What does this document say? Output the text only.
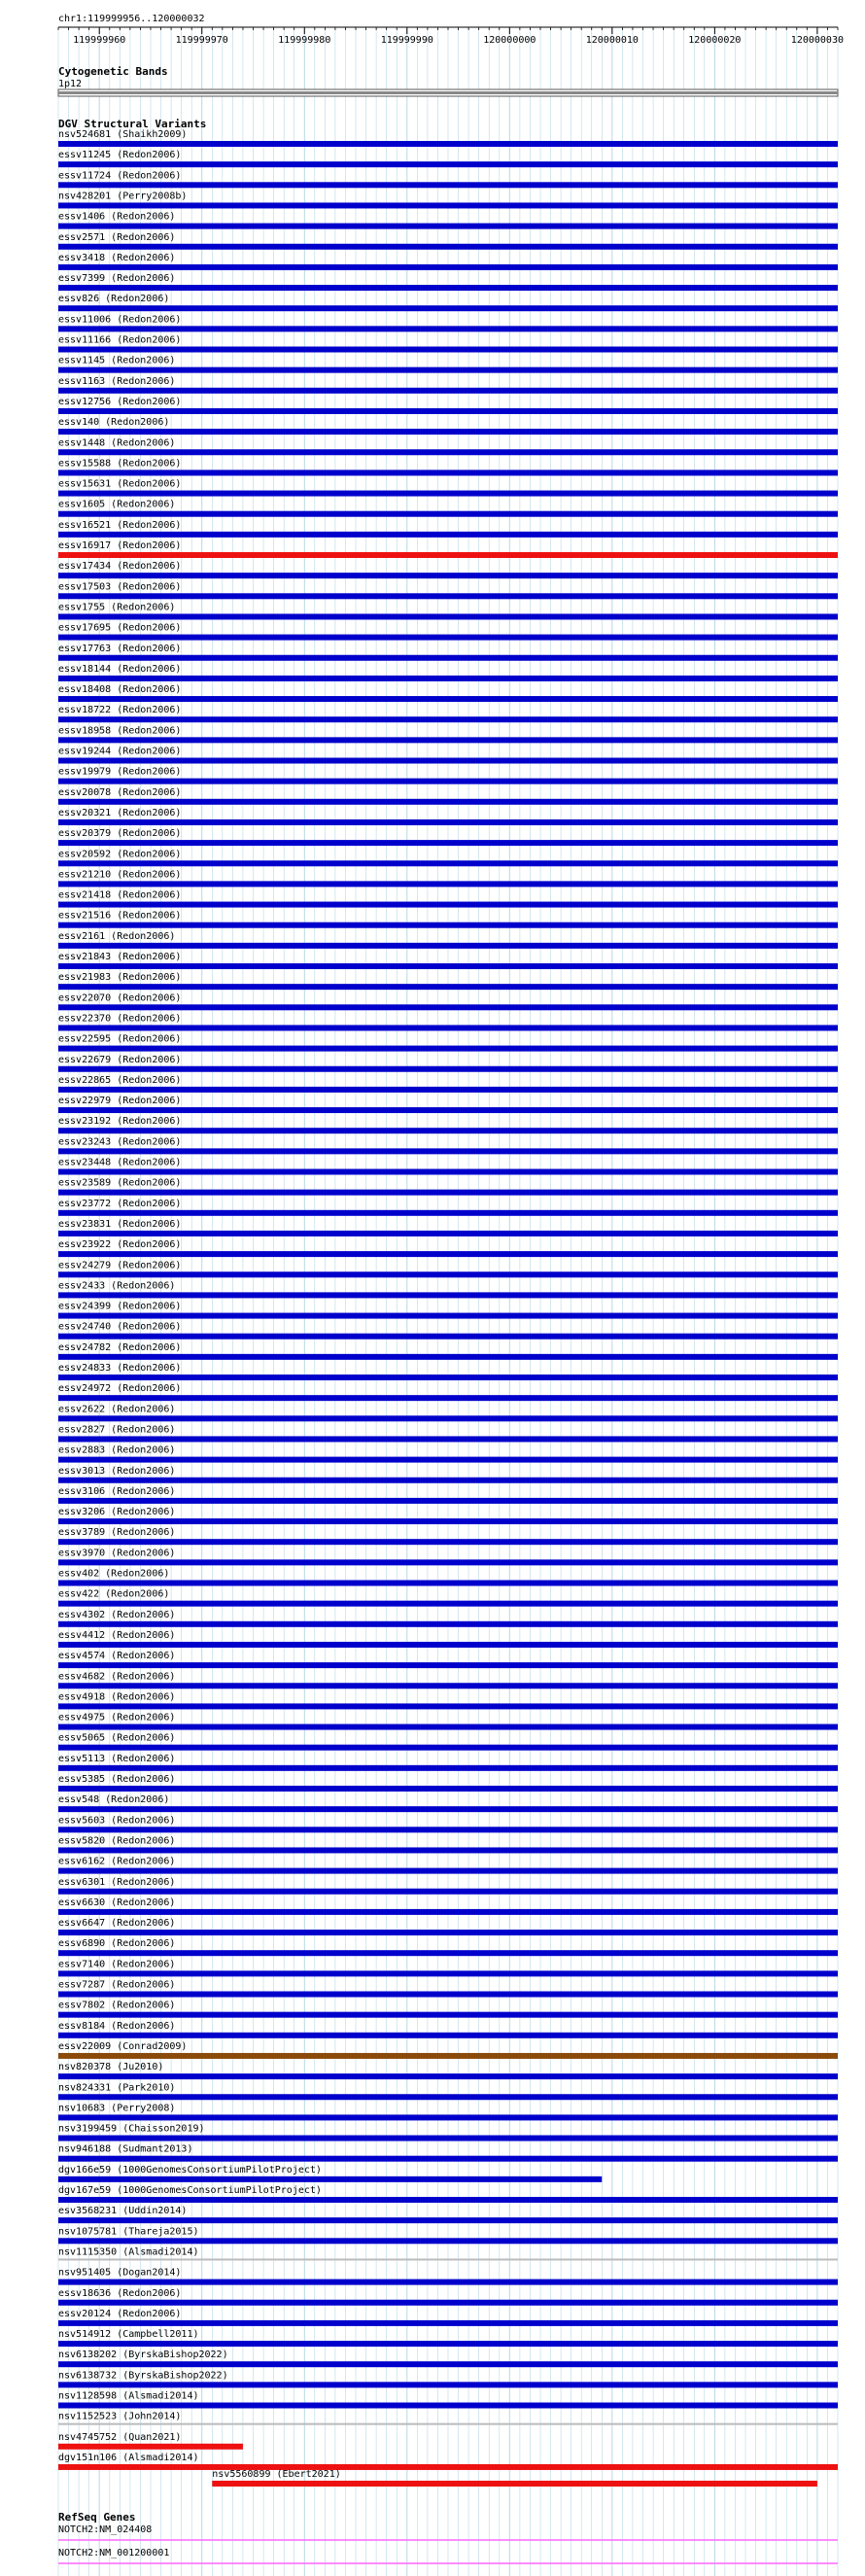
chr1:119999956..120000032
119999960	119999970	119999980	119999990	120000000	120000010	120000020	120000030
Cytogenetic Bands
1p12
DGV Structural Variants
nsv524681 (Shaikh2009)
essv11245 (Redon2006)
essv11724 (Redon2006)
nsv428201 (Perry2008b)
essv1406 (Redon2006)
essv2571 (Redon2006)
essv3418 (Redon2006)
essv7399 (Redon2006)
essv826 (Redon2006)
essv11006 (Redon2006)
essv11166 (Redon2006)
essv1145 (Redon2006)
essv1163 (Redon2006)
essv12756 (Redon2006)
essv140 (Redon2006)
essv1448 (Redon2006)
essv15588 (Redon2006)
essv15631 (Redon2006)
essv1605 (Redon2006)
essv16521 (Redon2006)
essv16917 (Redon2006)
essv17434 (Redon2006)
essv17503 (Redon2006)
essv1755 (Redon2006)
essv17695 (Redon2006)
essv17763 (Redon2006)
essv18144 (Redon2006)
essv18408 (Redon2006)
essv18722 (Redon2006)
essv18958 (Redon2006)
essv19244 (Redon2006)
essv19979 (Redon2006)
essv20078 (Redon2006)
essv20321 (Redon2006)
essv20379 (Redon2006)
essv20592 (Redon2006)
essv21210 (Redon2006)
essv21418 (Redon2006)
essv21516 (Redon2006)
essv2161 (Redon2006)
essv21843 (Redon2006)
essv21983 (Redon2006)
essv22070 (Redon2006)
essv22370 (Redon2006)
essv22595 (Redon2006)
essv22679 (Redon2006)
essv22865 (Redon2006)
essv22979 (Redon2006)
essv23192 (Redon2006)
essv23243 (Redon2006)
essv23448 (Redon2006)
essv23589 (Redon2006)
essv23772 (Redon2006)
essv23831 (Redon2006)
essv23922 (Redon2006)
essv24279 (Redon2006)
essv2433 (Redon2006)
essv24399 (Redon2006)
essv24740 (Redon2006)
essv24782 (Redon2006)
essv24833 (Redon2006)
essv24972 (Redon2006)
essv2622 (Redon2006)
essv2827 (Redon2006)
essv2883 (Redon2006)
essv3013 (Redon2006)
essv3106 (Redon2006)
essv3206 (Redon2006)
essv3789 (Redon2006)
essv3970 (Redon2006)
essv402 (Redon2006)
essv422 (Redon2006)
essv4302 (Redon2006)
essv4412 (Redon2006)
essv4574 (Redon2006)
essv4682 (Redon2006)
essv4918 (Redon2006)
essv4975 (Redon2006)
essv5065 (Redon2006)
essv5113 (Redon2006)
essv5385 (Redon2006)
essv548 (Redon2006)
essv5603 (Redon2006)
essv5820 (Redon2006)
essv6162 (Redon2006)
essv6301 (Redon2006)
essv6630 (Redon2006)
essv6647 (Redon2006)
essv6890 (Redon2006)
essv7140 (Redon2006)
essv7287 (Redon2006)
essv7802 (Redon2006)
essv8184 (Redon2006)
essv22009 (Conrad2009)
nsv820378 (Ju2010)
nsv824331 (Park2010)
nsv10683 (Perry2008)
nsv3199459 (Chaisson2019)
nsv946188 (Sudmant2013)
dgv166e59 (1000GenomesConsortiumPilotProject)
dgv167e59 (1000GenomesConsortiumPilotProject)
esv3568231 (Uddin2014)
nsv1075781 (Thareja2015)
nsv1115350 (Alsmadi2014)
nsv951405 (Dogan2014)
essv18636 (Redon2006)
essv20124 (Redon2006)
nsv514912 (Campbell2011)
nsv6138202 (ByrskaBishop2022)
nsv6138732 (ByrskaBishop2022)
nsv1128598 (Alsmadi2014)
nsv1152523 (John2014)
nsv4745752 (Quan2021)
dgv151n106 (Alsmadi2014)
nsv5560899 (Ebert2021)
RefSeq Genes
NOTCH2:NM_024408
NOTCH2:NM_001200001
